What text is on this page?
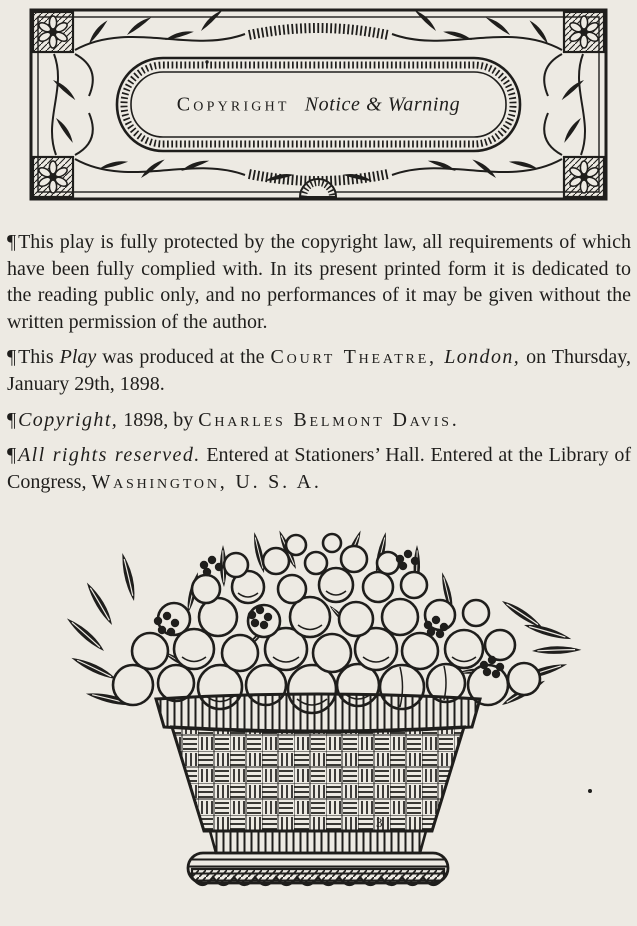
Copyright Notice & Warning

¶ This play is fully protected by the copyright law, all requirements of which have been fully complied with. In its present printed form it is dedicated to the reading public only, and no performances of it may be given without the written permission of the author.

¶ This Play was produced at the Court Theatre, London, on Thursday, January 29th, 1898.

¶ Copyright, 1898, by Charles Belmont Davis.

¶ All rights reserved. Entered at Stationers’ Hall. Entered at the Library of Congress, Washington, U. S. A.

3
